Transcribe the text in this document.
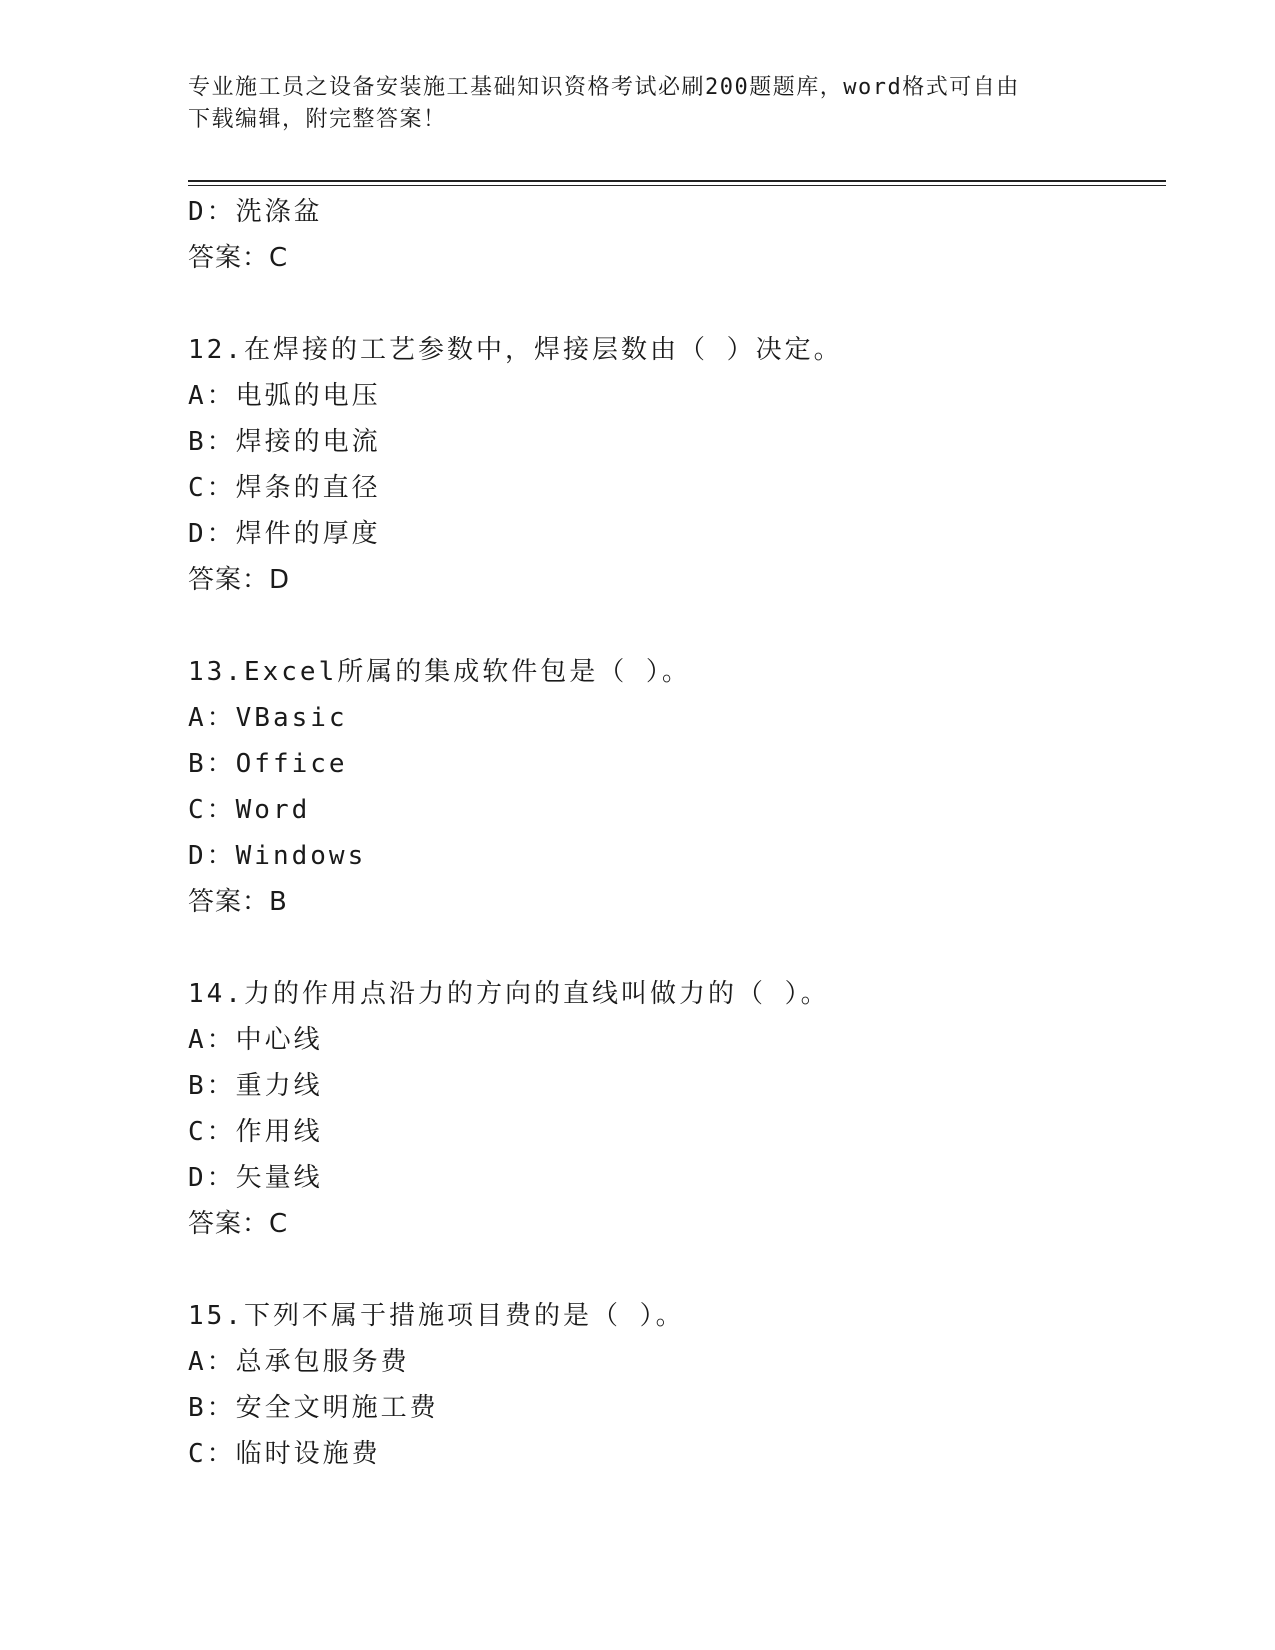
专业施工员之设备安装施工基础知识资格考试必刷200题题库，word格式可自由
下载编辑，附完整答案！
D：洗涤盆
答案：C
12.在焊接的工艺参数中，焊接层数由（ ）决定。
A：电弧的电压
B：焊接的电流
C：焊条的直径
D：焊件的厚度
答案：D
13.Excel所属的集成软件包是（ ）。
A：VBasic
B：Office
C：Word
D：Windows
答案：B
14.力的作用点沿力的方向的直线叫做力的（ ）。
A：中心线
B：重力线
C：作用线
D：矢量线
答案：C
15.下列不属于措施项目费的是（ ）。
A：总承包服务费
B：安全文明施工费
C：临时设施费
